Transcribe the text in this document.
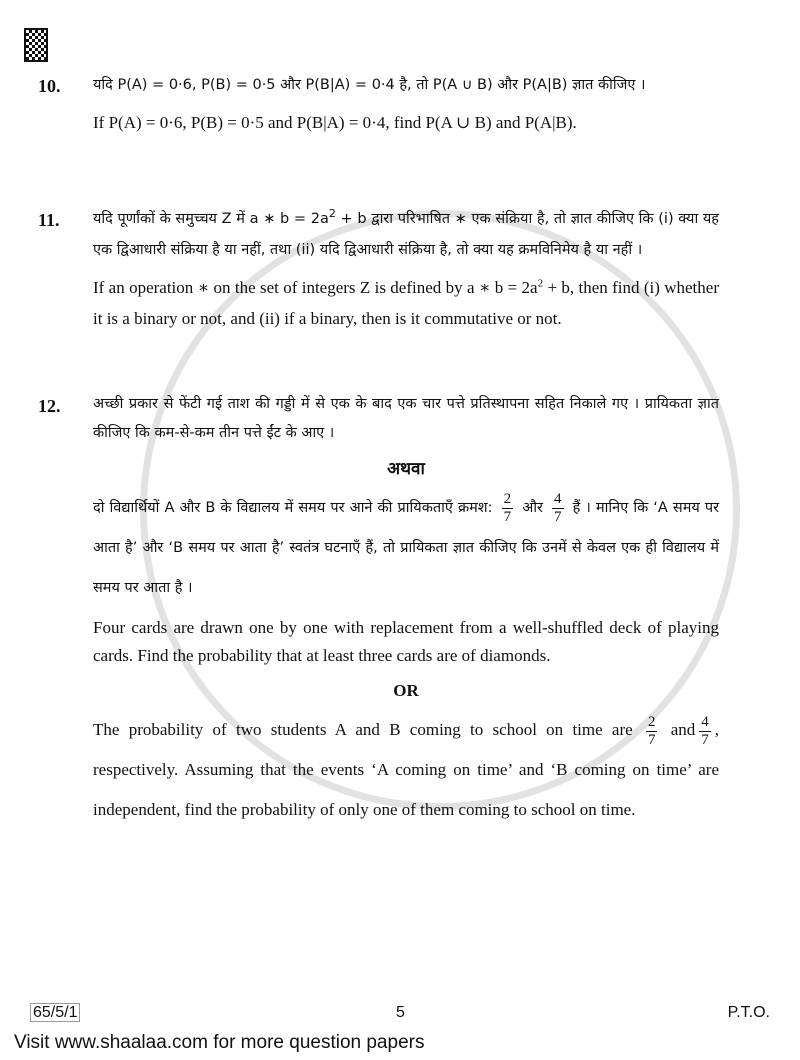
10.	यदि P(A) = 0·6, P(B) = 0·5 और P(B|A) = 0·4 है, तो P(A ∪ B) और P(A|B) ज्ञात कीजिए ।
If P(A) = 0·6, P(B) = 0·5 and P(B|A) = 0·4, find P(A ∪ B) and P(A|B).
11.	यदि पूर्णांकों के समुच्चय Z में a ∗ $b = 2a^2 + b$ द्वारा परिभाषित ∗ एक संक्रिया है, तो ज्ञात कीजिए कि (i) क्या यह एक द्विआधारी संक्रिया है या नहीं, तथा (ii) यदि द्विआधारी संक्रिया है, तो क्या यह क्रमविनिमेय है या नहीं ।
If an operation ∗ on the set of integers Z is defined by a ∗ $b = 2a^2 + b$, then find (i) whether it is a binary or not, and (ii) if a binary, then is it commutative or not.
12.	अच्छी प्रकार से फेंटी गई ताश की गड्डी में से एक के बाद एक चार पत्ते प्रतिस्थापना सहित निकाले गए । प्रायिकता ज्ञात कीजिए कि कम-से-कम तीन पत्ते ईंट के आए ।
अथवा
दो विद्यार्थियों A और B के विद्यालय में समय पर आने की प्रायिकताएँ क्रमश: $\frac{2}{7}$ और $\frac{4}{7}$ हैं । मानिए कि ‘A समय पर आता है’ और ‘B समय पर आता है’ स्वतंत्र घटनाएँ हैं, तो प्रायिकता ज्ञात कीजिए कि उनमें से केवल एक ही विद्यालय में समय पर आता है ।
Four cards are drawn one by one with replacement from a well-shuffled deck of playing cards. Find the probability that at least three cards are of diamonds.
OR
The probability of two students A and B coming to school on time are $\frac{2}{7}$ and $\frac{4}{7}$ , respectively. Assuming that the events ‘A coming on time’ and ‘B coming on time’ are independent, find the probability of only one of them coming to school on time.
65/5/1	5	P.T.O.
Visit www.shaalaa.com for more question papers
